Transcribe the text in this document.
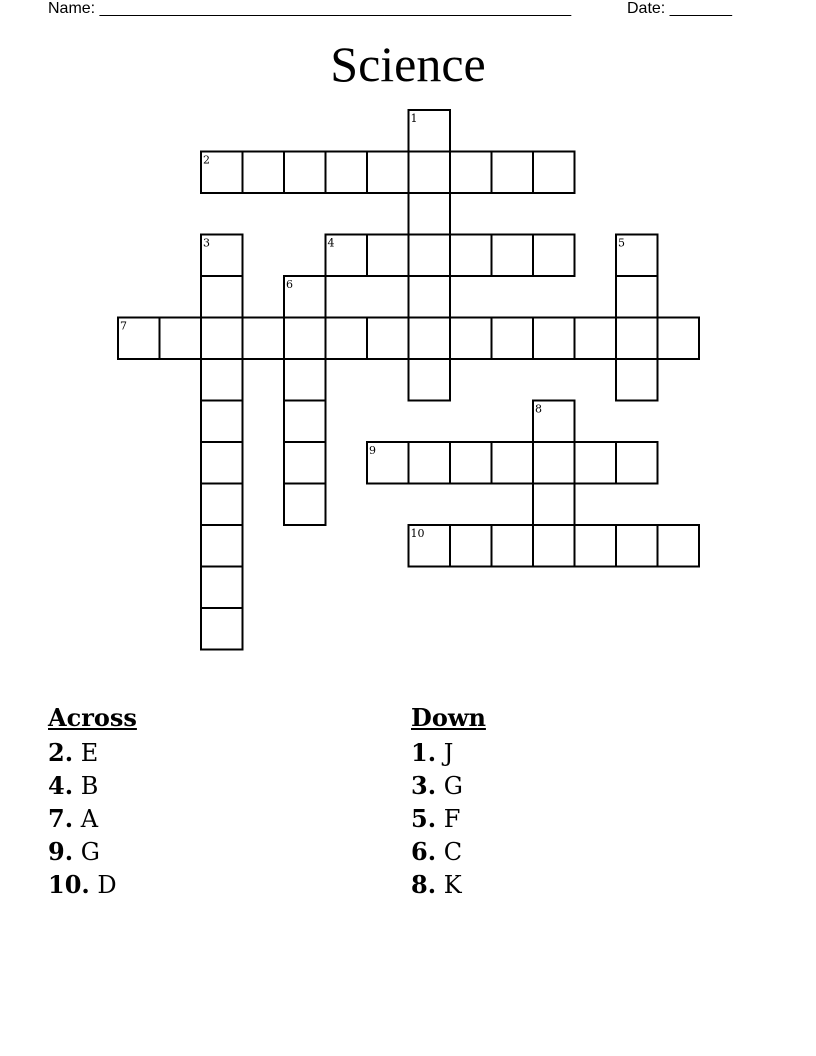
Name: _____________________________________________________	Date: _______
Science
2
4
7
9
10
1
3	5
6
8
Across
2. E
4. B
7. A
9. G
10. D
Down
1. J
3. G
5. F
6. C
8. K
